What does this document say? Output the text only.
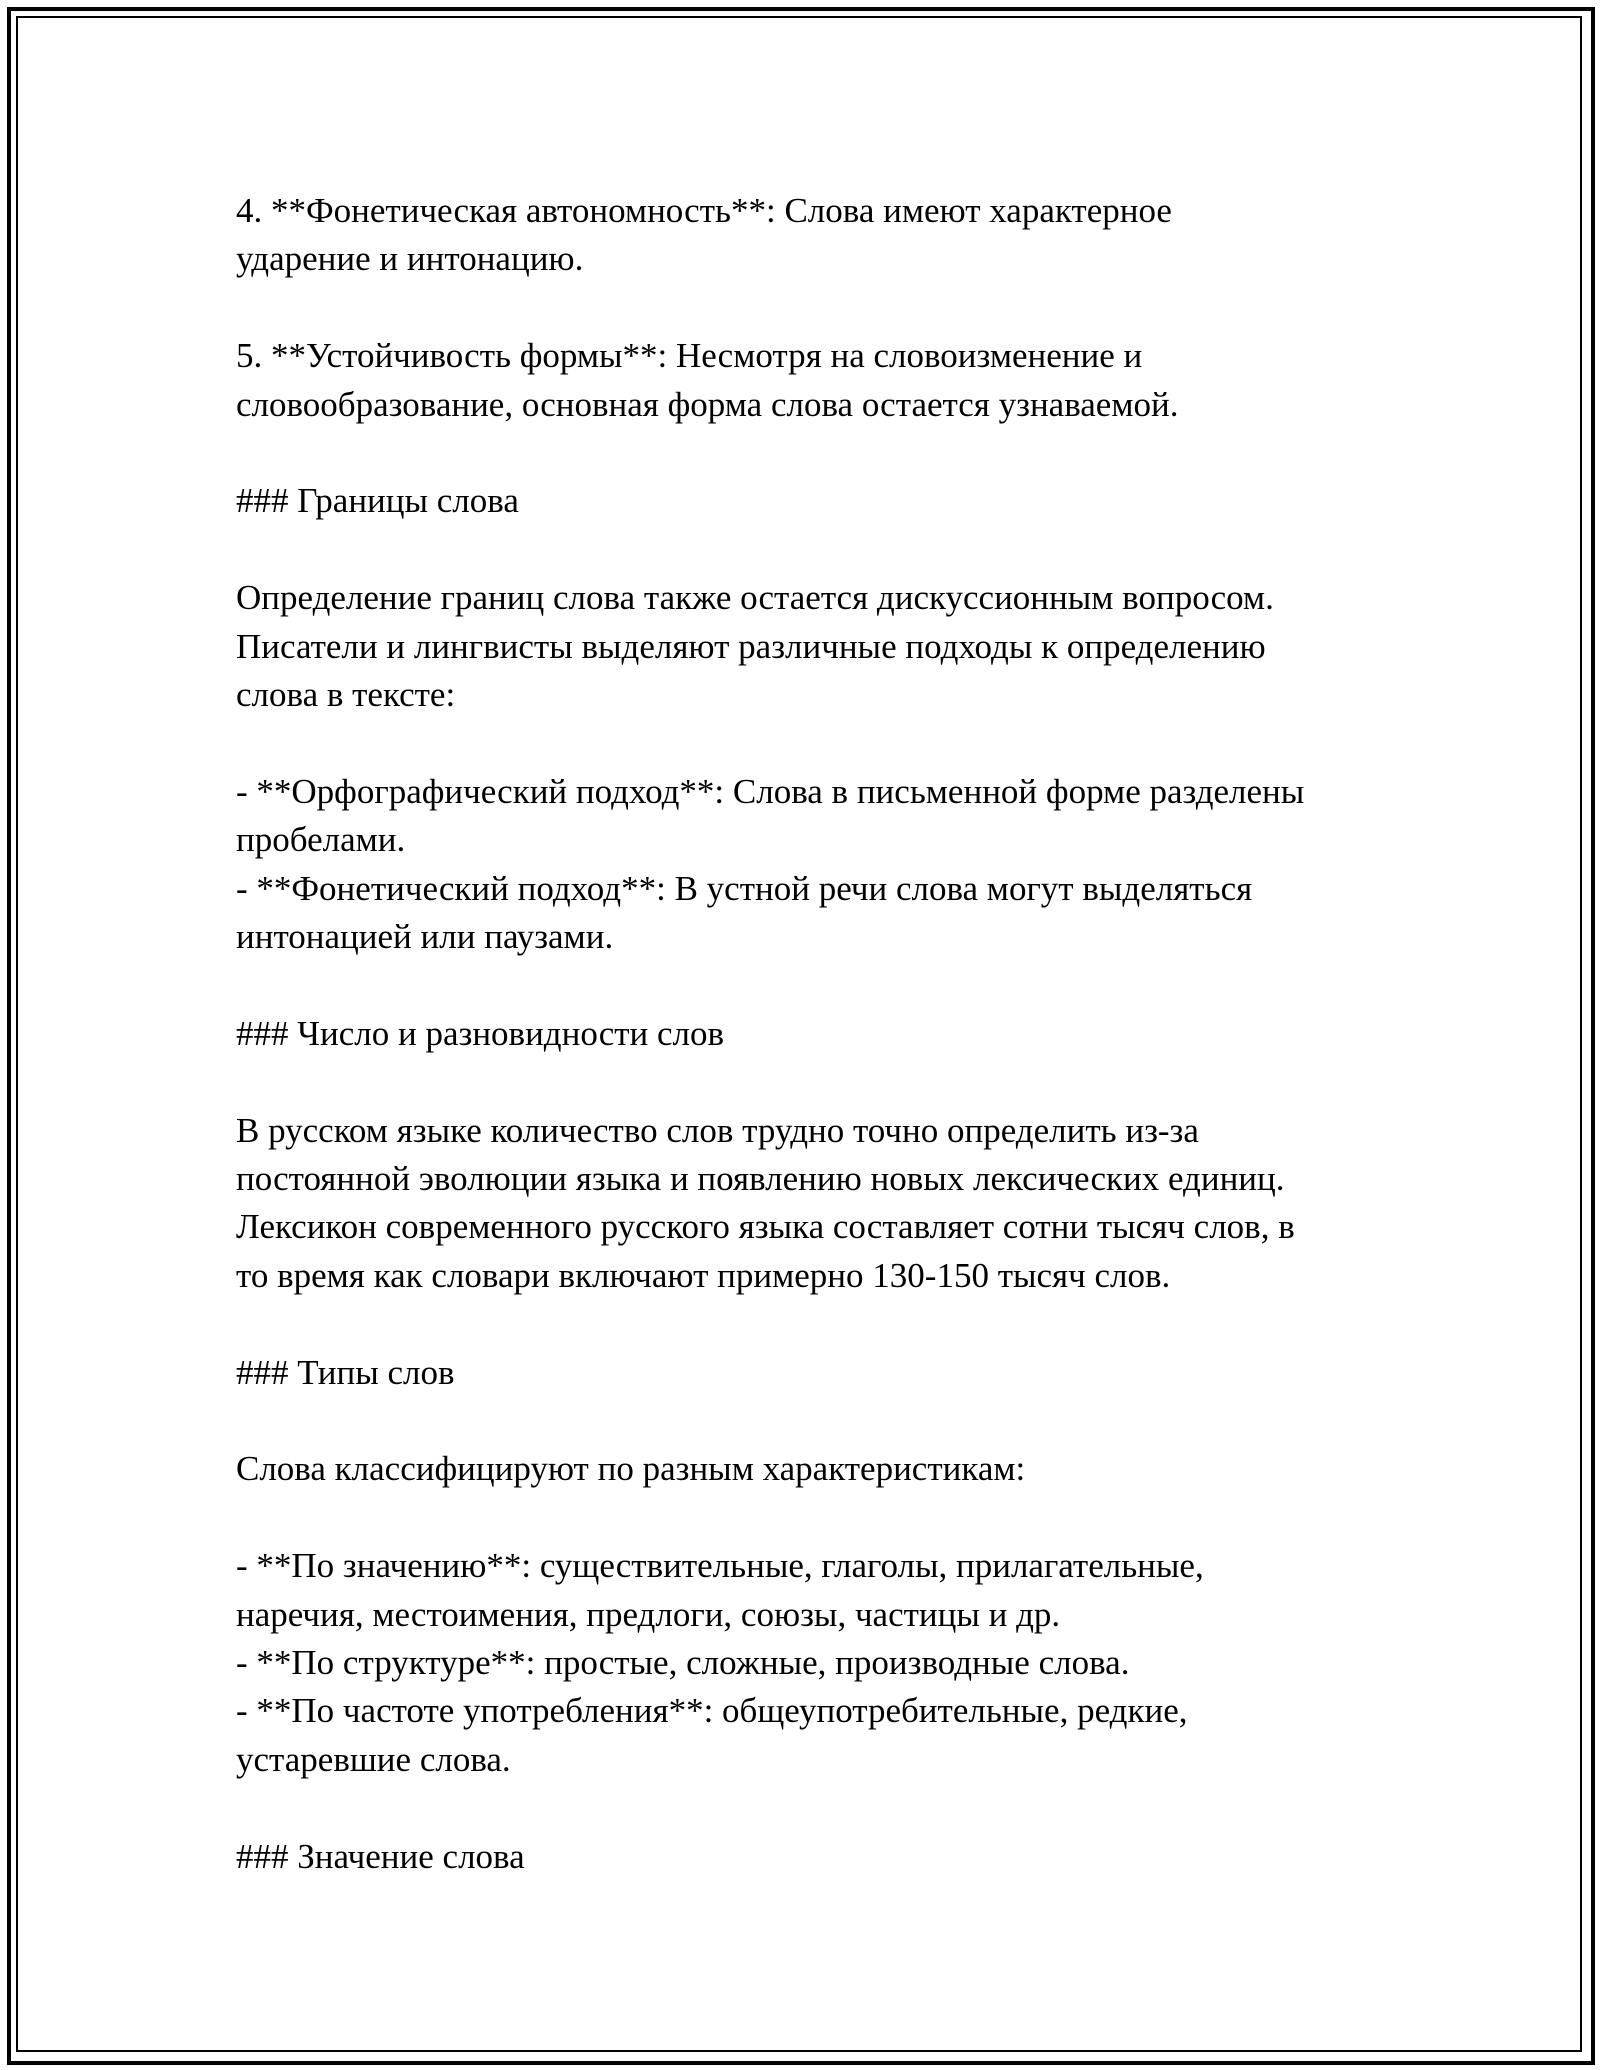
4. **Фонетическая автономность**: Слова имеют характерное
ударение и интонацию.
5. **Устойчивость формы**: Несмотря на словоизменение и
словообразование, основная форма слова остается узнаваемой.
### Границы слова
Определение границ слова также остается дискуссионным вопросом.
Писатели и лингвисты выделяют различные подходы к определению
слова в тексте:
- **Орфографический подход**: Слова в письменной форме разделены
пробелами.
- **Фонетический подход**: В устной речи слова могут выделяться
интонацией или паузами.
### Число и разновидности слов
В русском языке количество слов трудно точно определить из-за
постоянной эволюции языка и появлению новых лексических единиц.
Лексикон современного русского языка составляет сотни тысяч слов, в
то время как словари включают примерно 130-150 тысяч слов.
### Типы слов
Слова классифицируют по разным характеристикам:
- **По значению**: существительные, глаголы, прилагательные,
наречия, местоимения, предлоги, союзы, частицы и др.
- **По структуре**: простые, сложные, производные слова.
- **По частоте употребления**: общеупотребительные, редкие,
устаревшие слова.
### Значение слова
